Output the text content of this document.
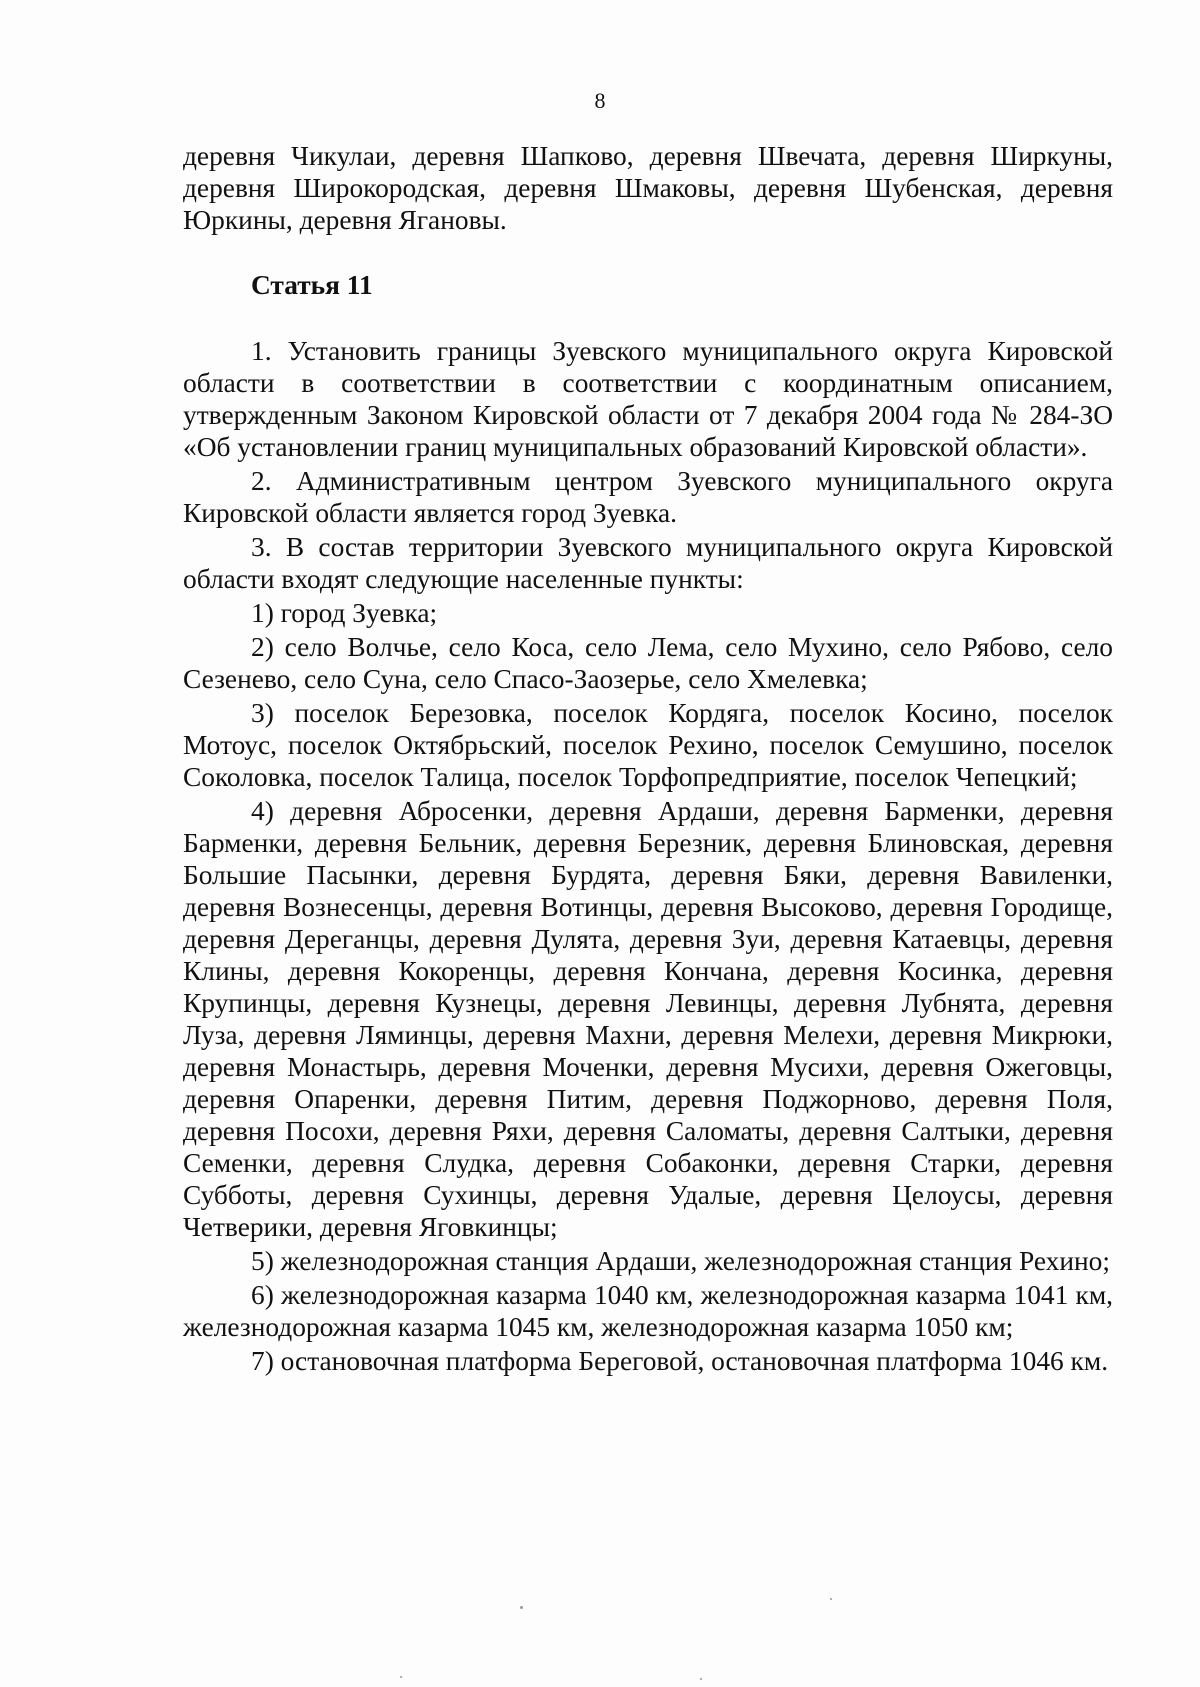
8

деревня Чикулаи, деревня Шапково, деревня Швечата, деревня Ширкуны, деревня Широкородская, деревня Шмаковы, деревня Шубенская, деревня Юркины, деревня Ягановы.

Статья 11

1. Установить границы Зуевского муниципального округа Кировской области в соответствии в соответствии с координатным описанием, утвержденным Законом Кировской области от 7 декабря 2004 года № 284-ЗО «Об установлении границ муниципальных образований Кировской области».

2. Административным центром Зуевского муниципального округа Кировской области является город Зуевка.

3. В состав территории Зуевского муниципального округа Кировской области входят следующие населенные пункты:

1) город Зуевка;

2) село Волчье, село Коса, село Лема, село Мухино, село Рябово, село Сезенево, село Суна, село Спасо-Заозерье, село Хмелевка;

3) поселок Березовка, поселок Кордяга, поселок Косино, поселок Мотоус, поселок Октябрьский, поселок Рехино, поселок Семушино, поселок Соколовка, поселок Талица, поселок Торфопредприятие, поселок Чепецкий;

4) деревня Абросенки, деревня Ардаши, деревня Барменки, деревня Барменки, деревня Бельник, деревня Березник, деревня Блиновская, деревня Большие Пасынки, деревня Бурдята, деревня Бяки, деревня Вавиленки, деревня Вознесенцы, деревня Вотинцы, деревня Высоково, деревня Городище, деревня Дереганцы, деревня Дулята, деревня Зуи, деревня Катаевцы, деревня Клины, деревня Кокоренцы, деревня Кончана, деревня Косинка, деревня Крупинцы, деревня Кузнецы, деревня Левинцы, деревня Лубнята, деревня Луза, деревня Ляминцы, деревня Махни, деревня Мелехи, деревня Микрюки, деревня Монастырь, деревня Моченки, деревня Мусихи, деревня Ожеговцы, деревня Опаренки, деревня Питим, деревня Поджорново, деревня Поля, деревня Посохи, деревня Ряхи, деревня Саломаты, деревня Салтыки, деревня Семенки, деревня Слудка, деревня Собаконки, деревня Старки, деревня Субботы, деревня Сухинцы, деревня Удалые, деревня Целоусы, деревня Четверики, деревня Яговкинцы;

5) железнодорожная станция Ардаши, железнодорожная станция Рехино;

6) железнодорожная казарма 1040 км, железнодорожная казарма 1041 км, железнодорожная казарма 1045 км, железнодорожная казарма 1050 км;

7) остановочная платформа Береговой, остановочная платформа 1046 км.
